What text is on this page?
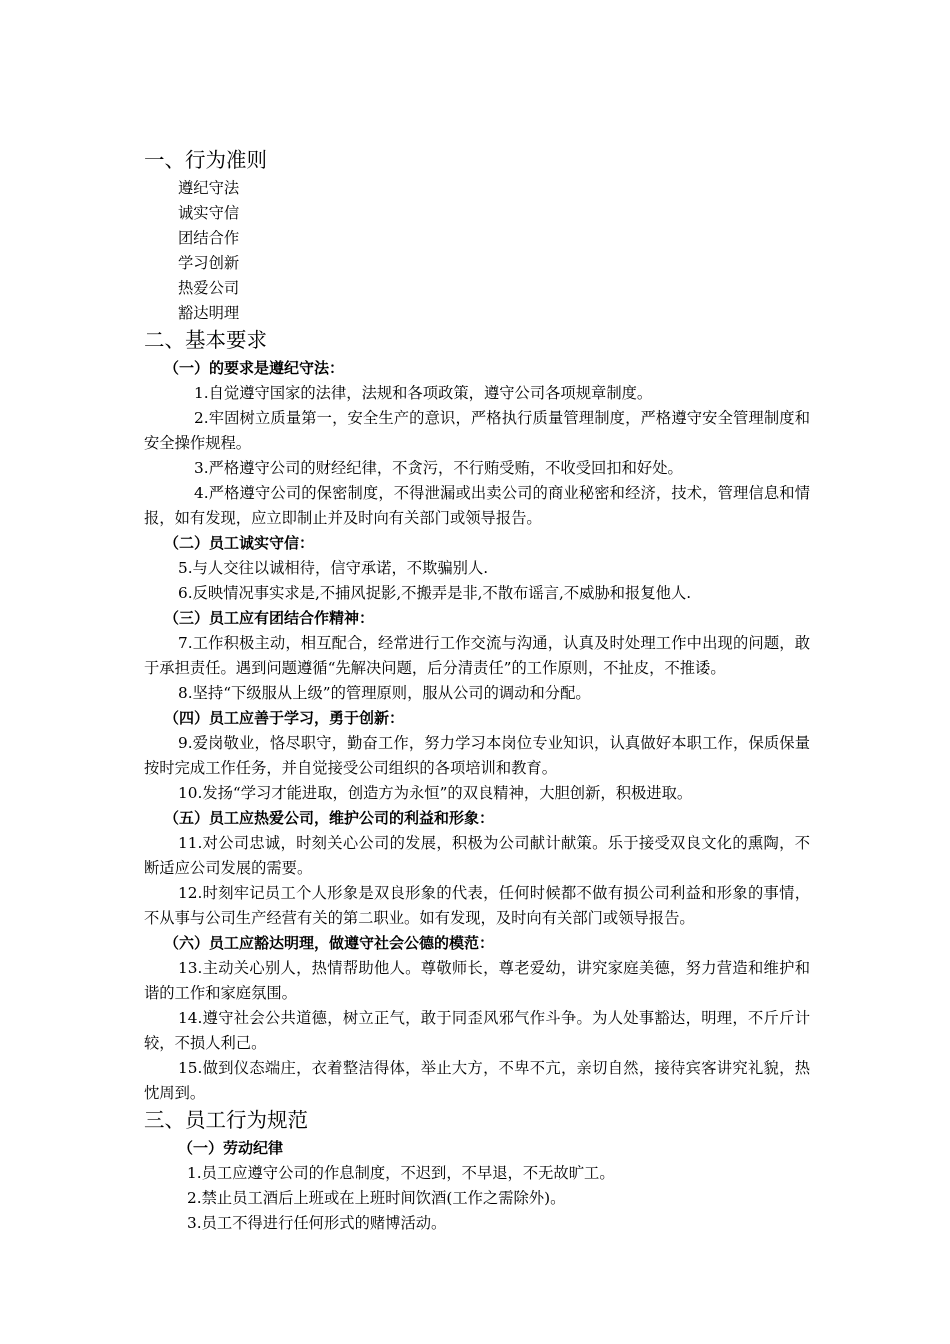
一、行为准则
遵纪守法
诚实守信
团结合作
学习创新
热爱公司
豁达明理
二、基本要求
（一）的要求是遵纪守法：

1.自觉遵守国家的法律，法规和各项政策，遵守公司各项规章制度。

2.牢固树立质量第一，安全生产的意识，严格执行质量管理制度，严格遵守安全管理制度和安全操作规程。

3.严格遵守公司的财经纪律，不贪污，不行贿受贿，不收受回扣和好处。

4.严格遵守公司的保密制度，不得泄漏或出卖公司的商业秘密和经济，技术，管理信息和情报，如有发现，应立即制止并及时向有关部门或领导报告。

（二）员工诚实守信：

5.与人交往以诚相待，信守承诺，不欺骗别人.

6.反映情况事实求是,不捕风捉影,不搬弄是非,不散布谣言,不威胁和报复他人.

（三）员工应有团结合作精神：

7.工作积极主动，相互配合，经常进行工作交流与沟通，认真及时处理工作中出现的问题，敢于承担责任。遇到问题遵循“先解决问题，后分清责任”的工作原则，不扯皮，不推诿。

8.坚持“下级服从上级”的管理原则，服从公司的调动和分配。

（四）员工应善于学习，勇于创新：

9.爱岗敬业，恪尽职守，勤奋工作，努力学习本岗位专业知识，认真做好本职工作，保质保量按时完成工作任务，并自觉接受公司组织的各项培训和教育。

10.发扬“学习才能进取，创造方为永恒”的双良精神，大胆创新，积极进取。

（五）员工应热爱公司，维护公司的利益和形象：

11.对公司忠诚，时刻关心公司的发展，积极为公司献计献策。乐于接受双良文化的熏陶，不断适应公司发展的需要。

12.时刻牢记员工个人形象是双良形象的代表，任何时候都不做有损公司利益和形象的事情，不从事与公司生产经营有关的第二职业。如有发现，及时向有关部门或领导报告。

（六）员工应豁达明理，做遵守社会公德的模范：

13.主动关心别人，热情帮助他人。尊敬师长，尊老爱幼，讲究家庭美德，努力营造和维护和谐的工作和家庭氛围。

14.遵守社会公共道德，树立正气，敢于同歪风邪气作斗争。为人处事豁达，明理，不斤斤计较，不损人利己。

15.做到仪态端庄，衣着整洁得体，举止大方，不卑不亢，亲切自然，接待宾客讲究礼貌，热忱周到。

三、员工行为规范
（一）劳动纪律

1.员工应遵守公司的作息制度，不迟到，不早退，不无故旷工。

2.禁止员工酒后上班或在上班时间饮酒(工作之需除外)。

3.员工不得进行任何形式的赌博活动。
